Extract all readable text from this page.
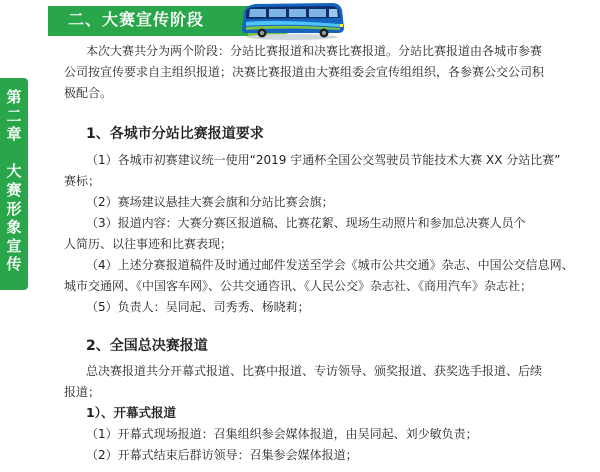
二、大赛宣传阶段
第
二
章

大
赛
形
象
宣
传
本次大赛共分为两个阶段：分站比赛报道和决赛比赛报道。分站比赛报道由各城市参赛
公司按宣传要求自主组织报道；决赛比赛报道由大赛组委会宣传组组织，各参赛公交公司积
极配合。
1、各城市分站比赛报道要求
（1）各城市初赛建议统一使用“2019 宇通杯全国公交驾驶员节能技术大赛 XX 分站比赛”
赛标；
（2）赛场建议悬挂大赛会旗和分站比赛会旗；
（3）报道内容：大赛分赛区报道稿、比赛花絮、现场生动照片和参加总决赛人员个
人简历、以往事迹和比赛表现；
（4）上述分赛报道稿件及时通过邮件发送至学会《城市公共交通》杂志、中国公交信息网、
城市交通网、《中国客车网》、公共交通咨讯、《人民公交》杂志社、《商用汽车》杂志社；
（5）负责人：吴同起、司秀秀、杨晓莉；
2、全国总决赛报道
总决赛报道共分开幕式报道、比赛中报道、专访领导、颁奖报道、获奖选手报道、后续
报道；
1）、开幕式报道
（1）开幕式现场报道：召集组织参会媒体报道，由吴同起、刘少敏负责；
（2）开幕式结束后群访领导：召集参会媒体报道；
